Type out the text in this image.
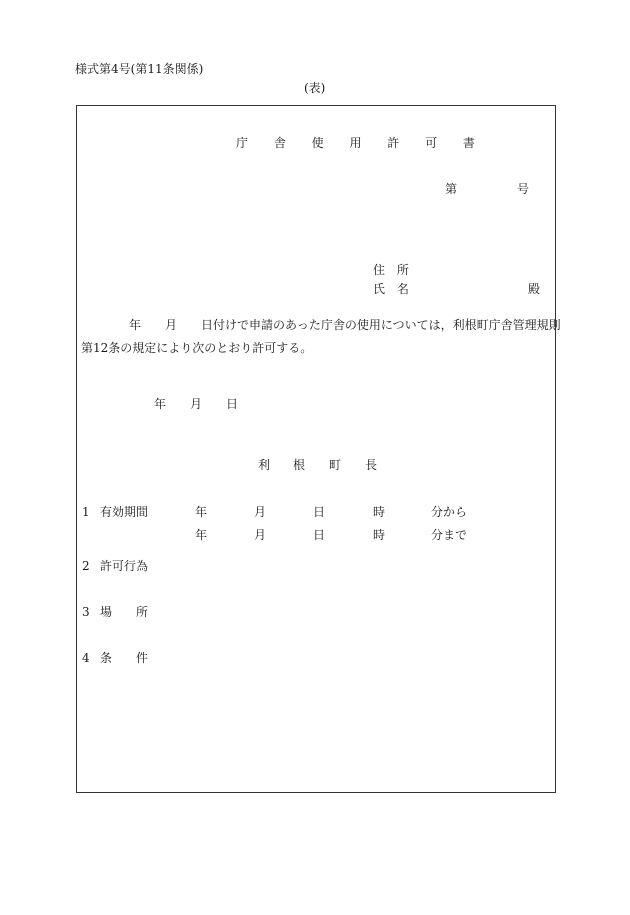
様式第4号(第11条関係)
(表)
庁 舎 使 用 許 可 書
第	号
住 所
氏 名	殿
年 月 日付けで申請のあった庁舎の使用については，利根町庁舎管理規則
第12条の規定により次のとおり許可する。
年 月 日
利 根 町 長
1 有効期間	年	月	日	時	分から
年	月	日	時	分まで
2 許可行為
3 場 所
4 条 件
